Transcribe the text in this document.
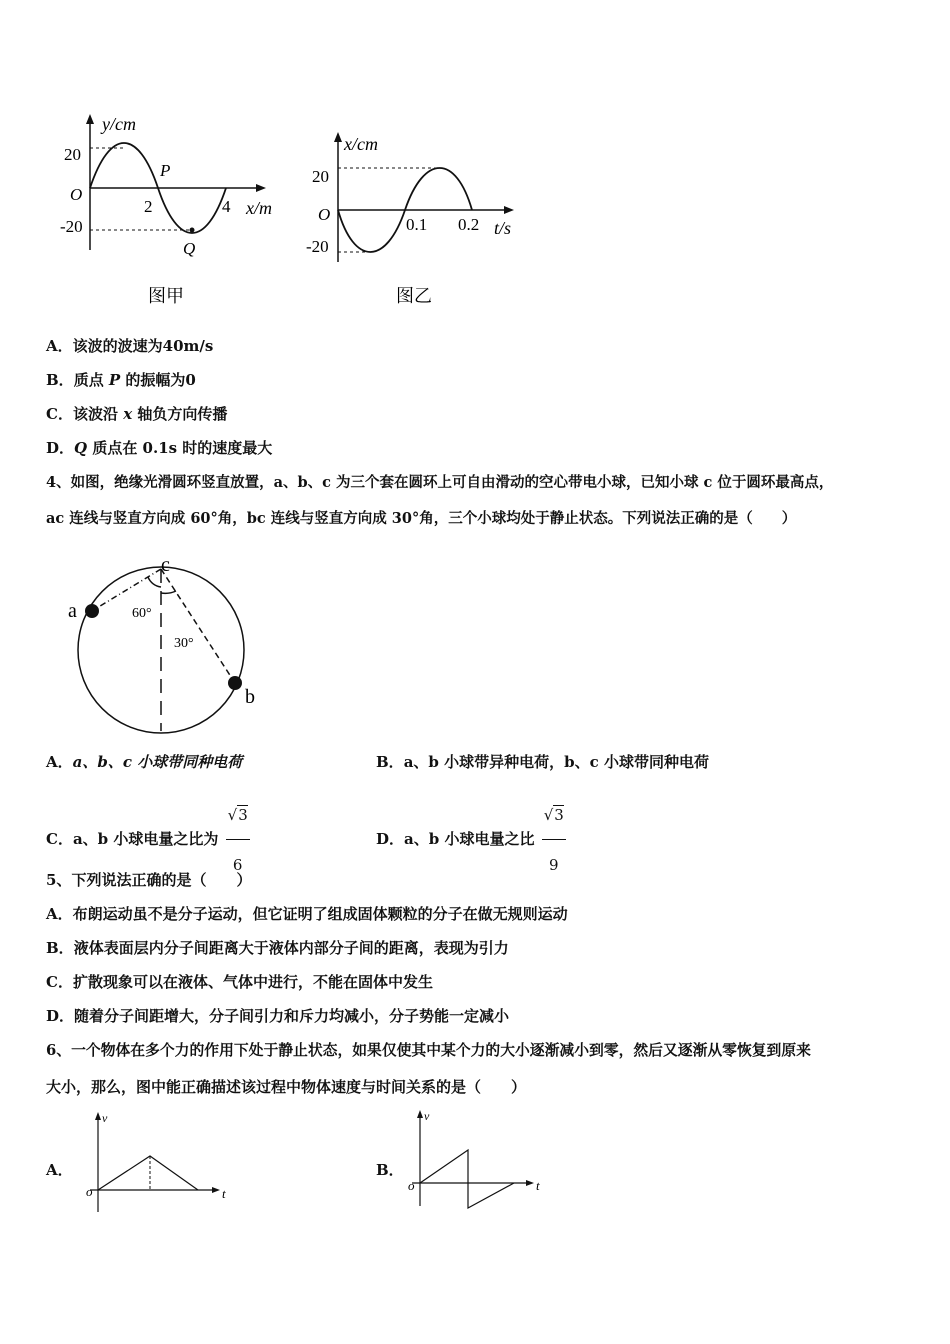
y/cm
x/m
20
-20
O
2	4
P
Q
图甲
x/cm
t/s
20
-20
O
0.1 0.2
图乙
A．该波的波速为40m/s
B．质点 P 的振幅为0
C．该波沿 x 轴负方向传播
D．Q 质点在 0.1s 时的速度最大
4、如图，绝缘光滑圆环竖直放置，a、b、c 为三个套在圆环上可自由滑动的空心带电小球，已知小球 c 位于圆环最高点，
ac 连线与竖直方向成 60°角，bc 连线与竖直方向成 30°角，三个小球均处于静止状态。下列说法正确的是（　　）
a
b
c
60°
30°
A．a、b、c 小球带同种电荷	B．a、b 小球带异种电荷，b、c 小球带同种电荷
C．a、b 小球电量之比为 $\frac{√3}{6}$	D．a、b 小球电量之比 $\frac{√3}{9}$
5、下列说法正确的是（　　）
A．布朗运动虽不是分子运动，但它证明了组成固体颗粒的分子在做无规则运动
B．液体表面层内分子间距离大于液体内部分子间的距离，表现为引力
C．扩散现象可以在液体、气体中进行，不能在固体中发生
D．随着分子间距增大，分子间引力和斥力均减小，分子势能一定减小
6、一个物体在多个力的作用下处于静止状态，如果仅使其中某个力的大小逐渐减小到零，然后又逐渐从零恢复到原来
大小，那么，图中能正确描述该过程中物体速度与时间关系的是（　　）
A．
v
t
o
B．
v
t
o
